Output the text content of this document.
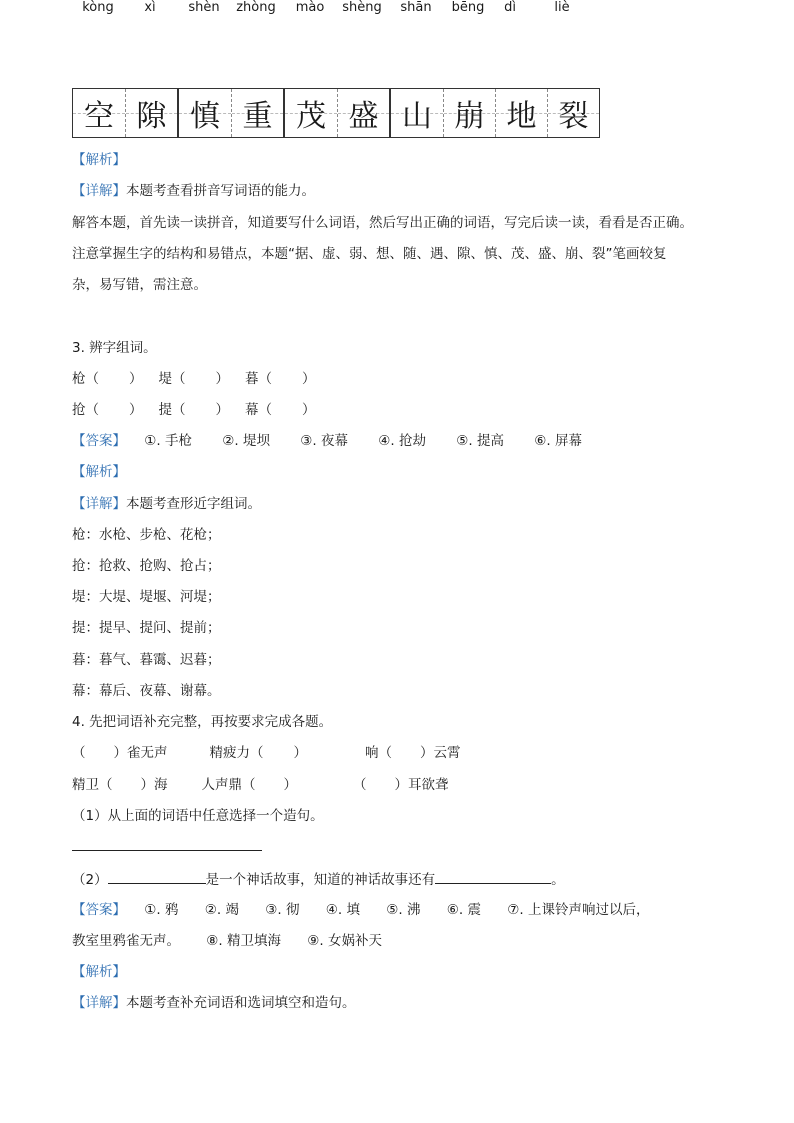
kòng	xì	shèn	zhòng	mào	shèng	shān	bēng	dì	liè
空 隙 慎 重 茂 盛 山 崩 地 裂
【解析】
【详解】本题考查看拼音写词语的能力。
解答本题，首先读一读拼音，知道要写什么词语，然后写出正确的词语，写完后读一读，看看是否正确。
注意掌握生字的结构和易错点，本题“据、虚、弱、想、随、遇、隙、慎、茂、盛、崩、裂”笔画较复
杂，易写错，需注意。
3. 辨字组词。
枪（ ） 堤（ ） 暮（ ）
抢（ ） 提（ ） 幕（ ）
【答案】 ①. 手枪 ②. 堤坝 ③. 夜幕 ④. 抢劫 ⑤. 提高 ⑥. 屏幕
【解析】
【详解】本题考查形近字组词。
枪：水枪、步枪、花枪；
抢：抢救、抢购、抢占；
堤：大堤、堤堰、河堤；
提：提早、提问、提前；
暮：暮气、暮霭、迟暮；
幕：幕后、夜幕、谢幕。
4. 先把词语补充完整，再按要求完成各题。
（ ）雀无声	精疲力（ ）	响（ ）云霄
精卫（ ）海	人声鼎（ ）	（ ）耳欲聋
（1）从上面的词语中任意选择一个造句。
（2）	是一个神话故事，知道的神话故事还有	。
【答案】 ①. 鸦 ②. 竭 ③. 彻 ④. 填 ⑤. 沸 ⑥. 震 ⑦. 上课铃声响过以后，
教室里鸦雀无声。 ⑧. 精卫填海 ⑨. 女娲补天
【解析】
【详解】本题考查补充词语和选词填空和造句。
